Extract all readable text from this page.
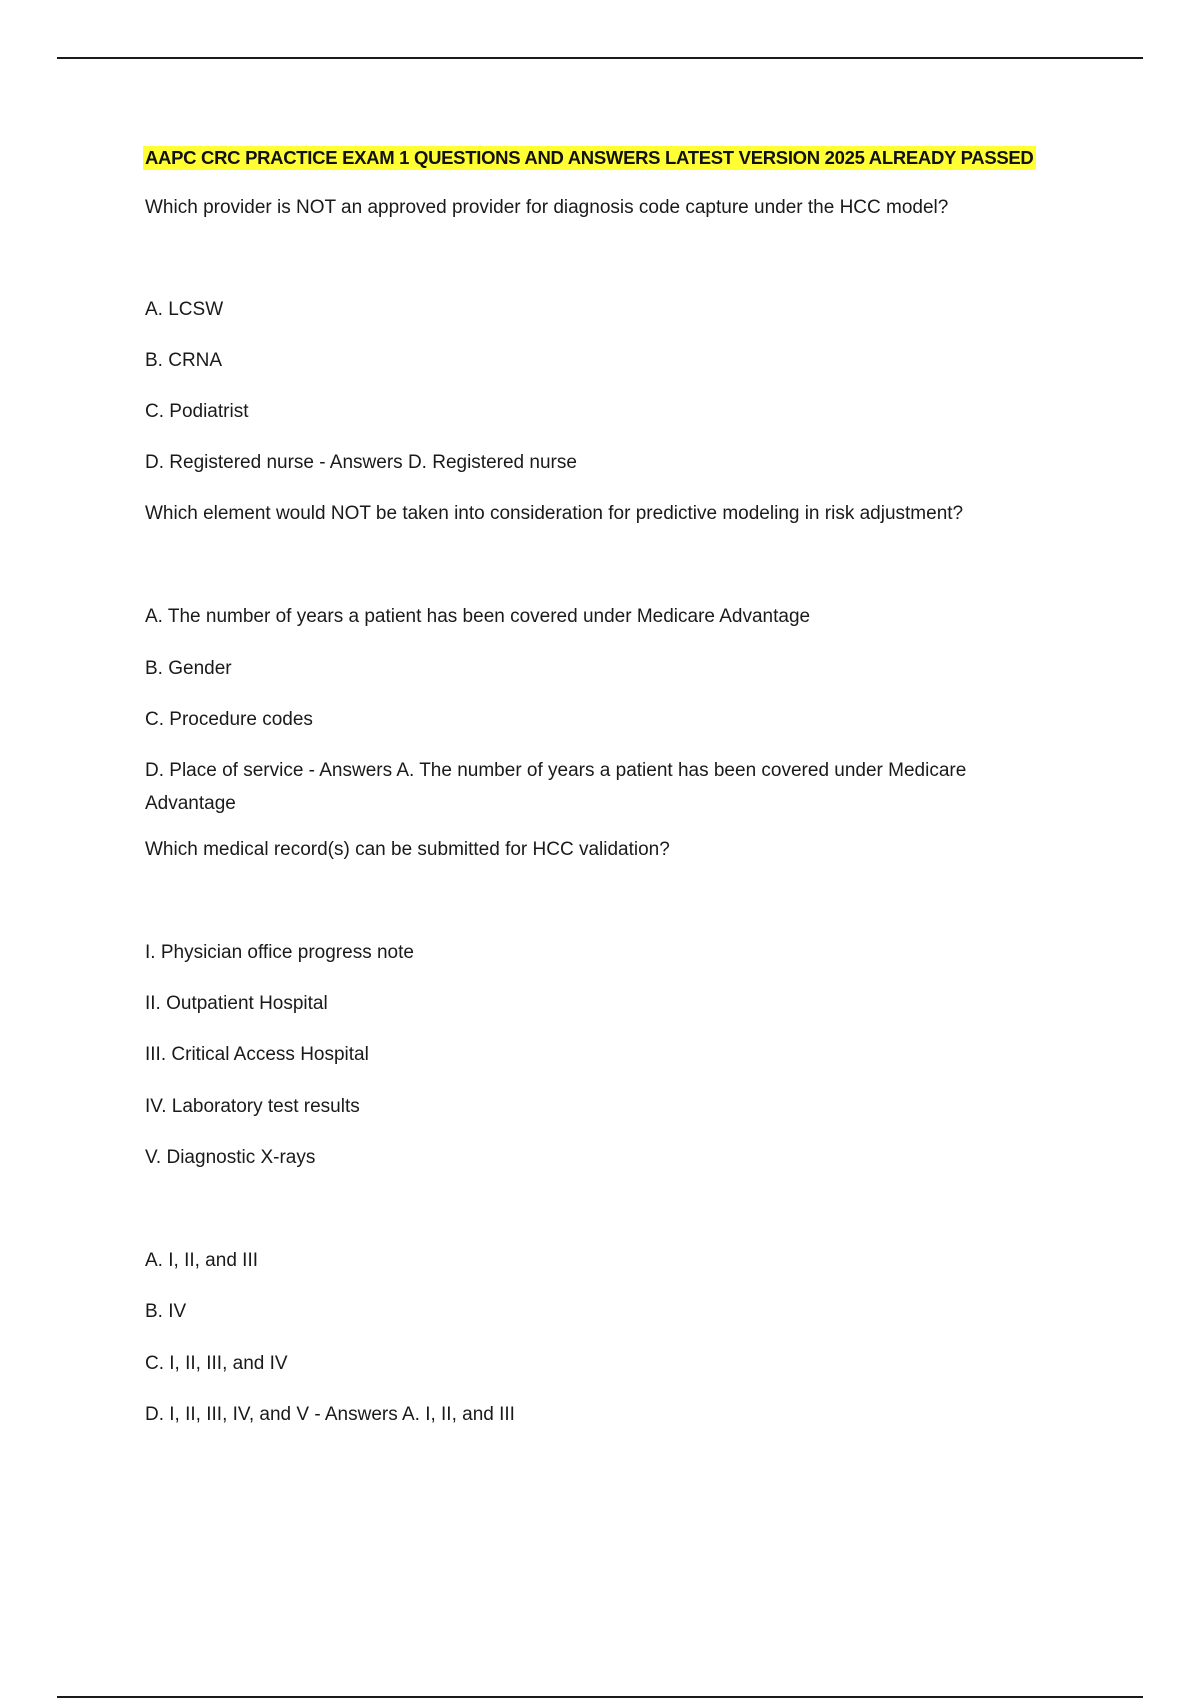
AAPC CRC PRACTICE EXAM 1 QUESTIONS AND ANSWERS LATEST VERSION 2025 ALREADY PASSED

Which provider is NOT an approved provider for diagnosis code capture under the HCC model?

A. LCSW

B. CRNA

C. Podiatrist

D. Registered nurse - Answers D. Registered nurse

Which element would NOT be taken into consideration for predictive modeling in risk adjustment?

A. The number of years a patient has been covered under Medicare Advantage

B. Gender

C. Procedure codes

D. Place of service - Answers A. The number of years a patient has been covered under Medicare Advantage

Which medical record(s) can be submitted for HCC validation?

I. Physician office progress note

II. Outpatient Hospital

III. Critical Access Hospital

IV. Laboratory test results

V. Diagnostic X-rays

A. I, II, and III

B. IV

C. I, II, III, and IV

D. I, II, III, IV, and V - Answers A. I, II, and III
